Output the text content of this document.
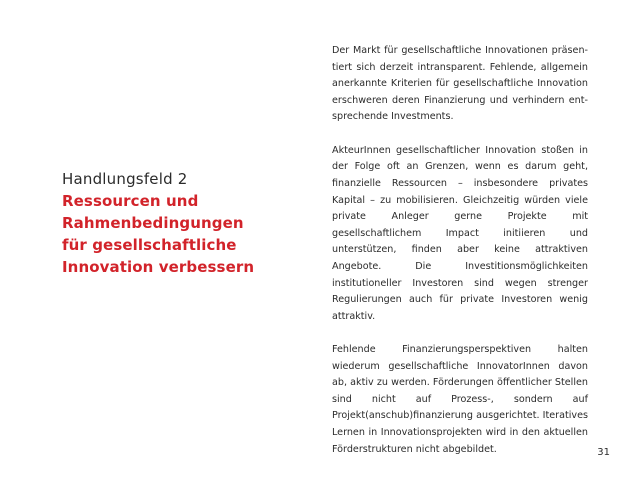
Handlungsfeld 2
Ressourcen und
Rahmenbedingungen
für gesellschaftliche
Innovation verbessern

Der Markt für gesellschaftliche Innovationen präsentiert sich derzeit intransparent. Fehlende, allgemein anerkannte Kriterien für gesellschaftliche Innovation erschweren deren Finanzierung und verhindern entsprechende Investments.

AkteurInnen gesellschaftlicher Innovation stoßen in der Folge oft an Grenzen, wenn es darum geht, finanzielle Ressourcen – insbesondere privates Kapital – zu mobilisieren. Gleichzeitig würden viele private Anleger gerne Projekte mit gesellschaftlichem Impact initiieren und unterstützen, finden aber keine attraktiven Angebote. Die Investitionsmöglichkeiten institutioneller Investoren sind wegen strenger Regulierungen auch für private Investoren wenig attraktiv.

Fehlende Finanzierungsperspektiven halten wiederum gesellschaftliche InnovatorInnen davon ab, aktiv zu werden. Förderungen öffentlicher Stellen sind nicht auf Prozess-, sondern auf Projekt(anschub)finanzierung ausgerichtet. Iteratives Lernen in Innovationsprojekten wird in den aktuellen Förderstrukturen nicht abgebildet.	31
